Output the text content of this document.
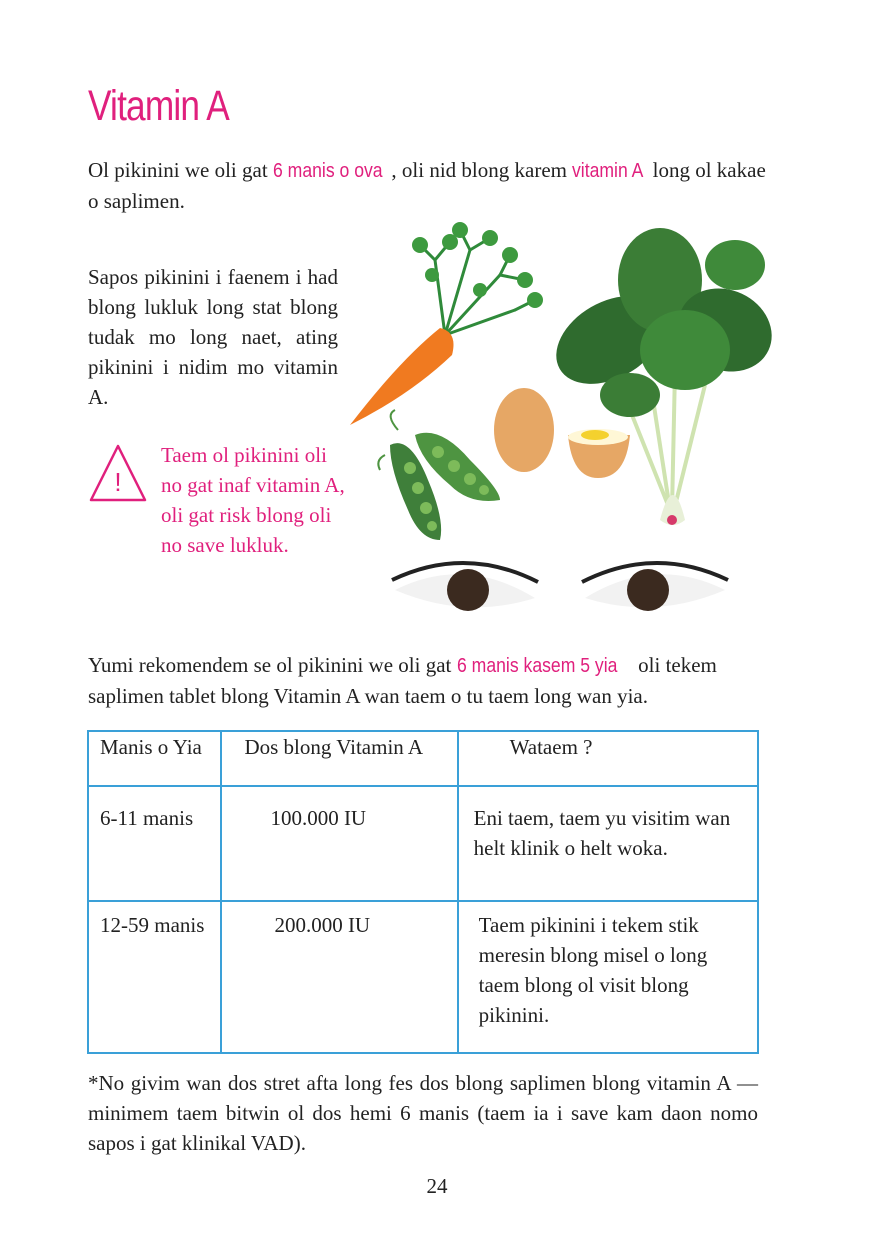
Vitamin A

Ol pikinini we oli gat 6 manis o ova , oli nid blong karem vitamin A long ol kakae o saplimen.

Sapos pikinini i faenem i had blong lukluk long stat blong tudak mo long naet, ating pikinini i nidim mo vitamin A.

!

Taem ol pikinini oli no gat inaf vitamin A, oli gat risk blong oli no save lukluk.

Yumi rekomendem se ol pikinini we oli gat 6 manis kasem 5 yia oli tekem saplimen tablet blong Vitamin A wan taem o tu taem long wan yia.

Manis o Yia	Dos blong Vitamin A	Wataem ?
6-11 manis	100.000 IU	Eni taem, taem yu visitim wan helt klinik o helt woka.
12-59 manis	200.000 IU	Taem pikinini i tekem stik meresin blong misel o long taem blong ol visit blong pikinini.

*No givim wan dos stret afta long fes dos blong saplimen blong vitamin A — minimem taem bitwin ol dos hemi 6 manis (taem ia i save kam daon nomo sapos i gat klinikal VAD).

24
